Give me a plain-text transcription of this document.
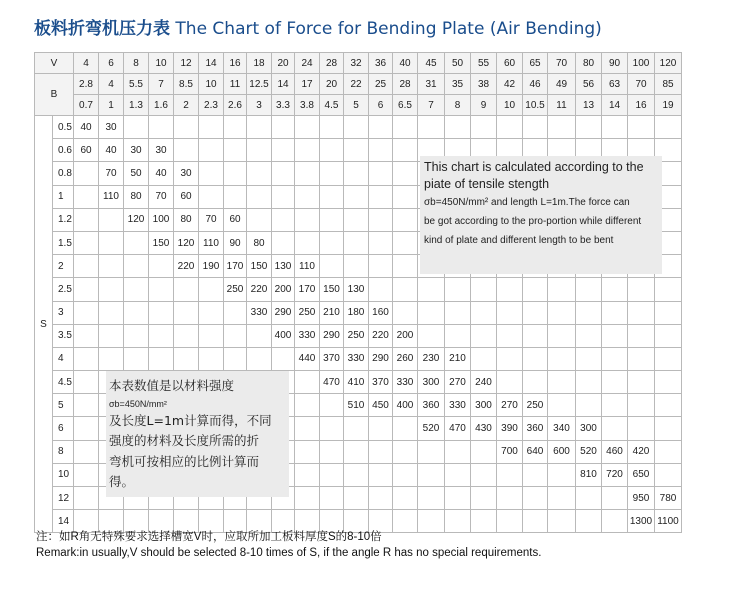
板料折弯机压力表 The Chart of Force for Bending Plate (Air Bending)
V		4	6	8	10	12	14	16	18	20	24	28	32	36	40	45	50	55	60	65	70	80	90	100	120
B		2.8	4	5.5	7	8.5	10	11	12.5	14	17	20	22	25	28	31	35	38	42	46	49	56	63	70	85
		0.7	1	1.3	1.6	2	2.3	2.6	3	3.3	3.8	4.5	5	6	6.5	7	8	9	10	10.5	11	13	14	16	19
S	0.5	40	30																						
	0.6	60	40	30	30																				
	0.8		70	50	40	30																			
	1		110	80	70	60																			
	1.2			120	100	80	70	60																	
	1.5				150	120	110	90	80																
	2					220	190	170	150	130	110														
	2.5							250	220	200	170	150	130												
	3								330	290	250	210	180	160											
	3.5									400	330	290	250	220	200										
	4										440	370	330	290	260	230	210								
	4.5											470	410	370	330	300	270	240							
	5												510	450	400	360	330	300	270	250					
	6															520	470	430	390	360	340	300			
	8																		700	640	600	520	460	420	
	10																					810	720	650	
	12																							950	780
	14																							1300	1100
This chart is calculated according to the
piate of tensile stength
σb=450N/mm² and length L=1m.The force can
be got according to the pro-portion while different
kind of plate and different length to be bent
本表数值是以材料强度
σb=450N/mm²
及长度L=1m计算而得，不同
强度的材料及长度所需的折
弯机可按相应的比例计算而
得。
注：如R角无特殊要求选择槽宽V时，应取所加工板料厚度S的8-10倍
Remark:in usually,V should be selected 8-10 times of S, if the angle R has no special requirements.
